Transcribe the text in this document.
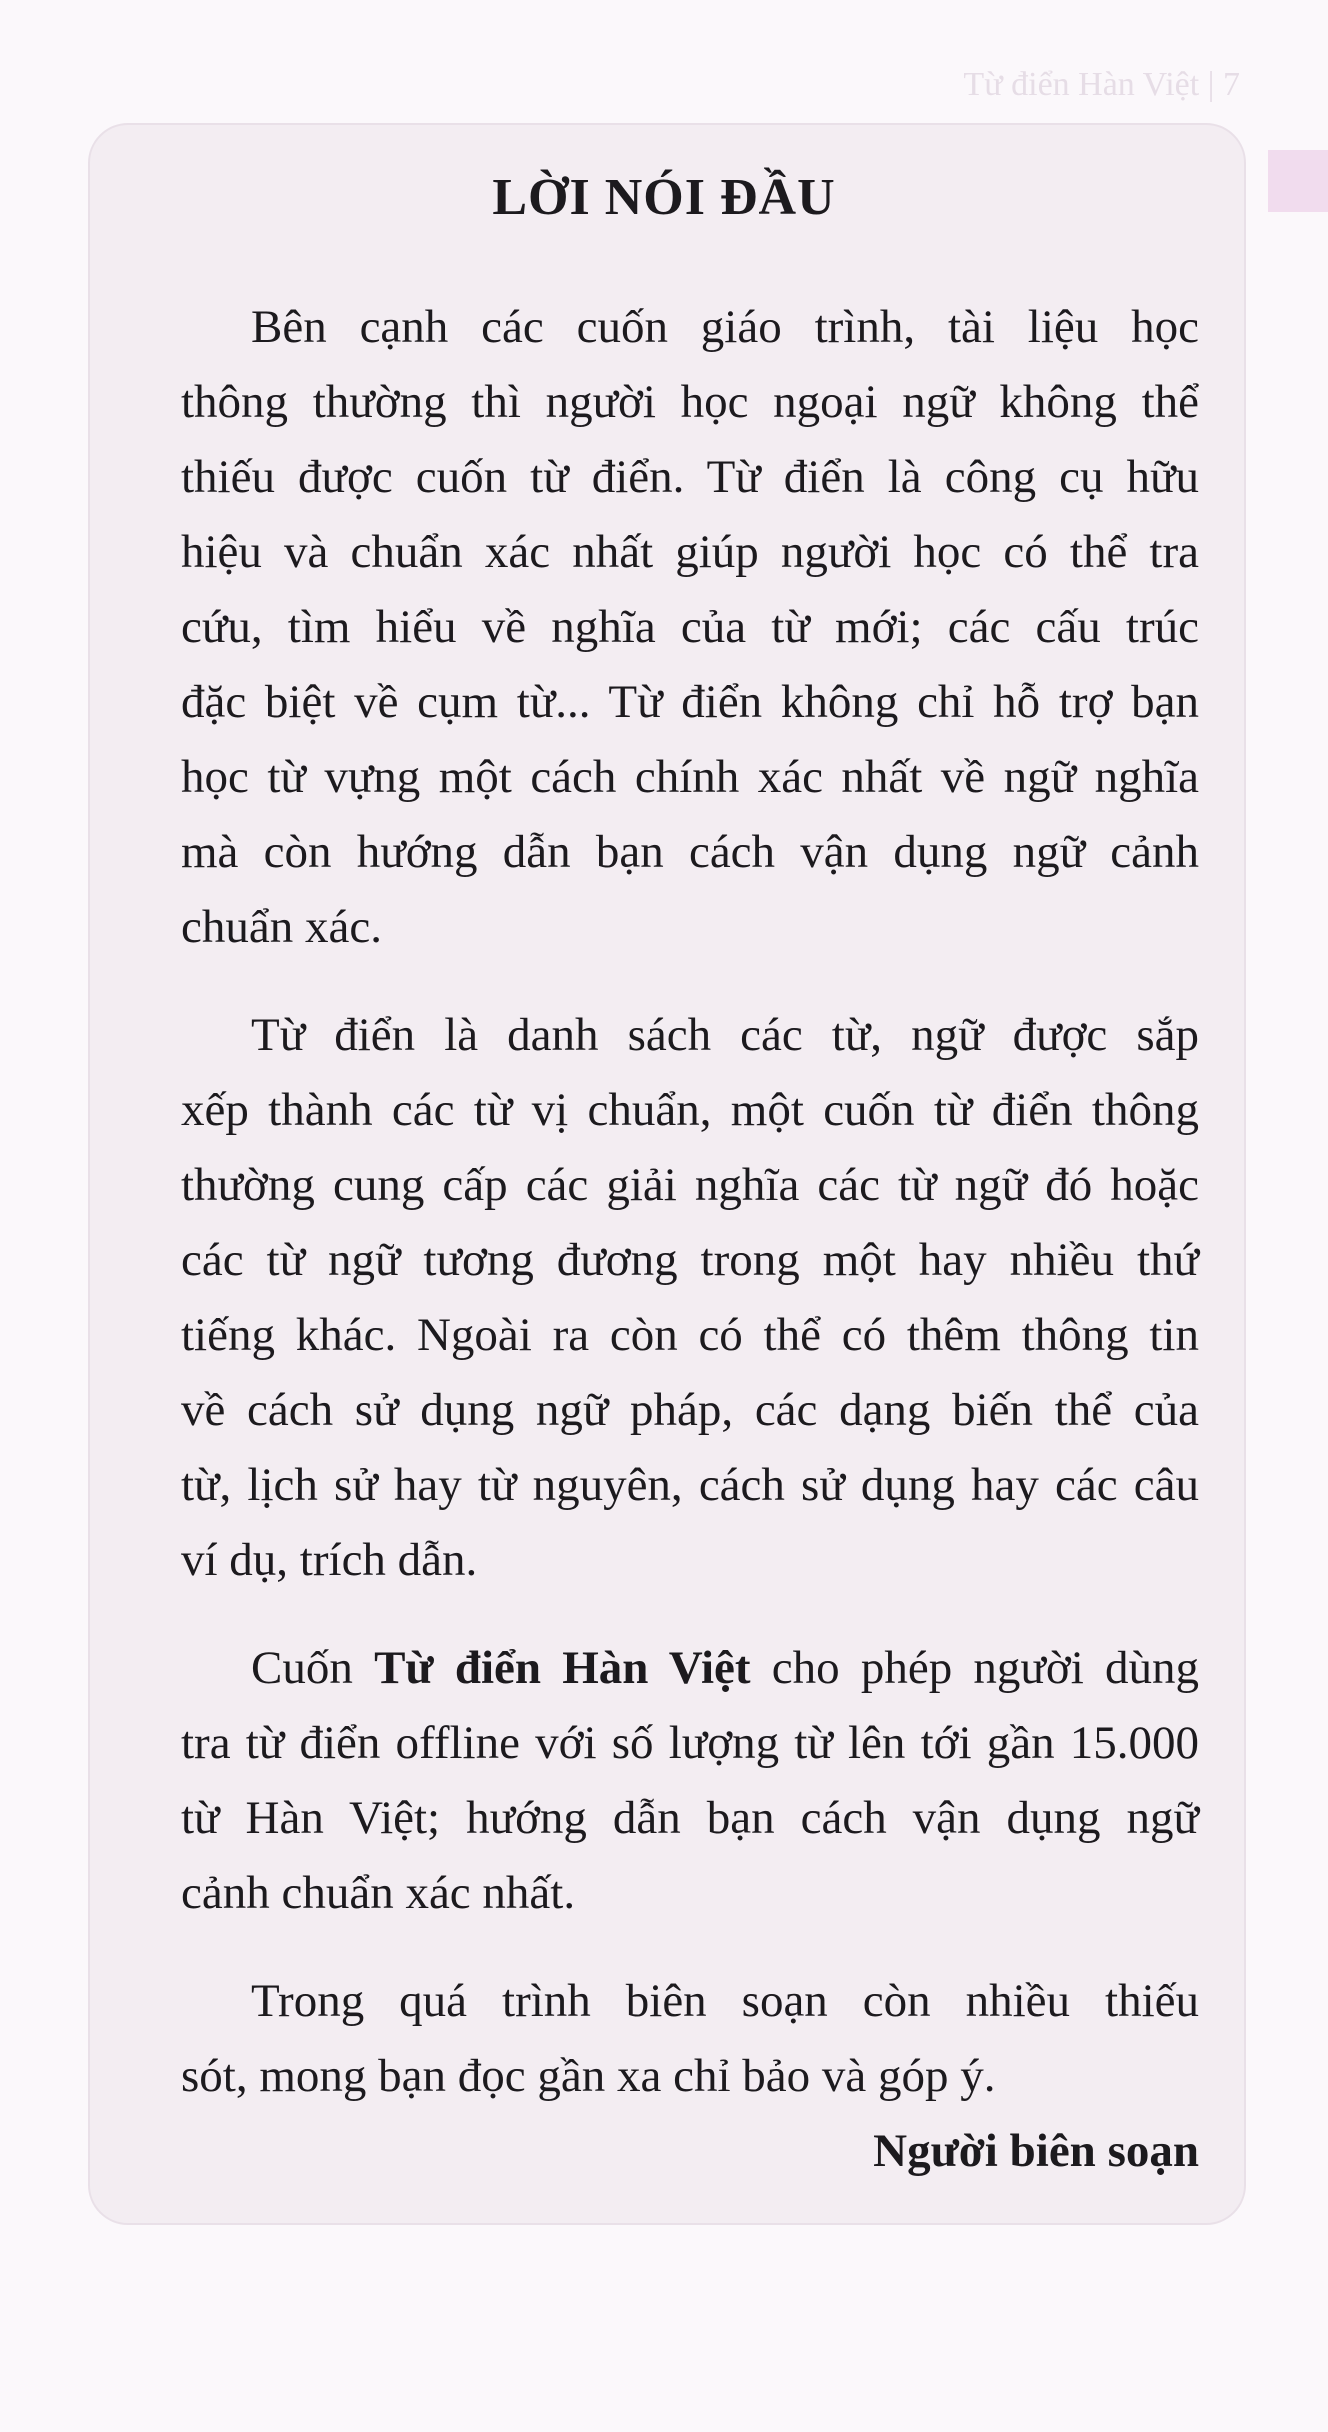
Từ điển Hàn Việt | 7
LỜI NÓI ĐẦU
Bên cạnh các cuốn giáo trình, tài liệu học
thông thường thì người học ngoại ngữ không thể
thiếu được cuốn từ điển. Từ điển là công cụ hữu
hiệu và chuẩn xác nhất giúp người học có thể tra
cứu, tìm hiểu về nghĩa của từ mới; các cấu trúc
đặc biệt về cụm từ... Từ điển không chỉ hỗ trợ bạn
học từ vựng một cách chính xác nhất về ngữ nghĩa
mà còn hướng dẫn bạn cách vận dụng ngữ cảnh
chuẩn xác.
Từ điển là danh sách các từ, ngữ được sắp
xếp thành các từ vị chuẩn, một cuốn từ điển thông
thường cung cấp các giải nghĩa các từ ngữ đó hoặc
các từ ngữ tương đương trong một hay nhiều thứ
tiếng khác. Ngoài ra còn có thể có thêm thông tin
về cách sử dụng ngữ pháp, các dạng biến thể của
từ, lịch sử hay từ nguyên, cách sử dụng hay các câu
ví dụ, trích dẫn.
Cuốn Từ điển Hàn Việt cho phép người dùng
tra từ điển offline với số lượng từ lên tới gần 15.000
từ Hàn Việt; hướng dẫn bạn cách vận dụng ngữ
cảnh chuẩn xác nhất.
Trong quá trình biên soạn còn nhiều thiếu
sót, mong bạn đọc gần xa chỉ bảo và góp ý.
Người biên soạn
